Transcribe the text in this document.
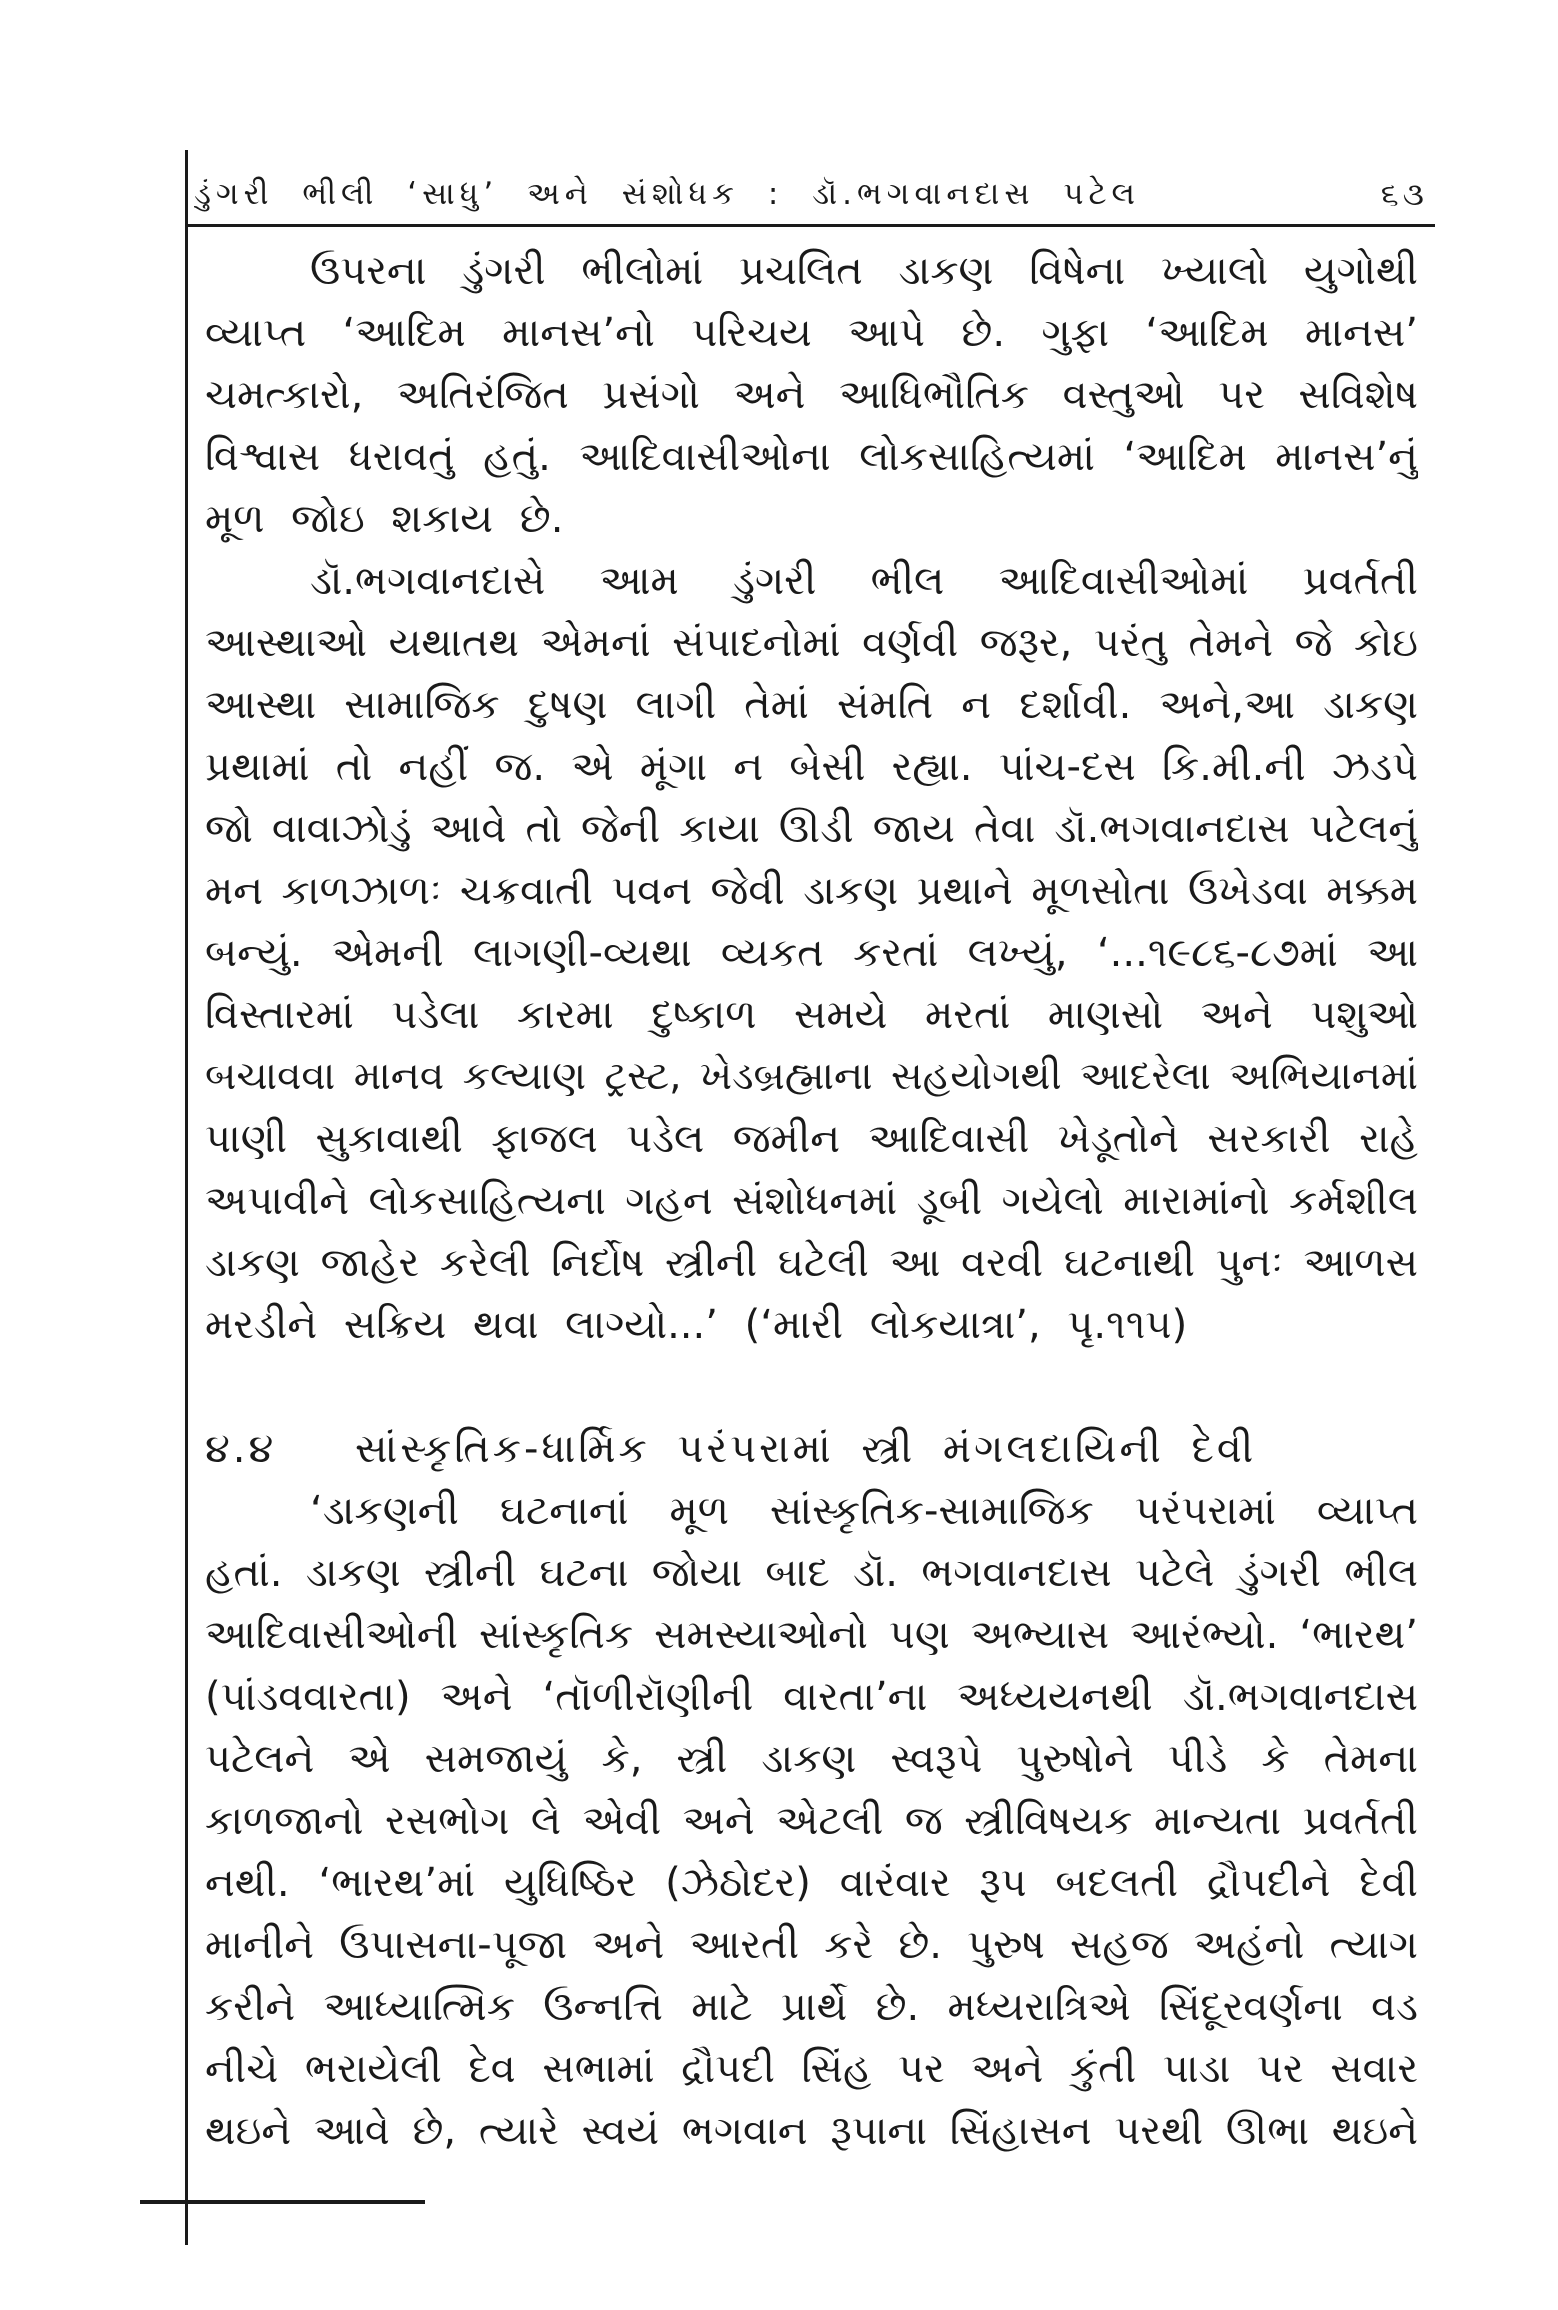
ડુંગરી ભીલી ‘સાધુ’ અને સંશોધક : ડૉ.ભગવાનદાસ પટેલ	૬૩
ઉપરના ડુંગરી ભીલોમાં પ્રચલિત ડાકણ વિષેના ખ્યાલો યુગોથી
વ્યાપ્ત ‘આદિમ માનસ’નો પરિચય આપે છે. ગુફા ‘આદિમ માનસ’
ચમત્કારો, અતિરંજિત પ્રસંગો અને આધિભૌતિક વસ્તુઓ પર સવિશેષ
વિશ્વાસ ધરાવતું હતું. આદિવાસીઓના લોકસાહિત્યમાં ‘આદિમ માનસ’નું
મૂળ જોઇ શકાય છે.
ડૉ.ભગવાનદાસે આમ ડુંગરી ભીલ આદિવાસીઓમાં પ્રવર્તતી
આસ્થાઓ યથાતથ એમનાં સંપાદનોમાં વર્ણવી જરૂર, પરંતુ તેમને જે કોઇ
આસ્થા સામાજિક દુષણ લાગી તેમાં સંમતિ ન દર્શાવી. અને,આ ડાકણ
પ્રથામાં તો નહીં જ. એ મૂંગા ન બેસી રહ્યા. પાંચ-દસ કિ.મી.ની ઝડપે
જો વાવાઝોડું આવે તો જેની કાયા ઊડી જાય તેવા ડૉ.ભગવાનદાસ પટેલનું
મન કાળઝાળઃ ચક્રવાતી પવન જેવી ડાકણ પ્રથાને મૂળસોતા ઉખેડવા મક્કમ
બન્યું. એમની લાગણી-વ્યથા વ્યકત કરતાં લખ્યું, ‘...૧૯૮૬-૮૭માં આ
વિસ્તારમાં પડેલા કારમા દુષ્કાળ સમયે મરતાં માણસો અને પશુઓ
બચાવવા માનવ કલ્યાણ ટ્રસ્ટ, ખેડબ્રહ્માના સહયોગથી આદરેલા અભિયાનમાં
પાણી સુકાવાથી ફાજલ પડેલ જમીન આદિવાસી ખેડૂતોને સરકારી રાહે
અપાવીને લોકસાહિત્યના ગહન સંશોધનમાં ડૂબી ગયેલો મારામાંનો કર્મશીલ
ડાકણ જાહેર કરેલી નિર્દોષ સ્ત્રીની ઘટેલી આ વરવી ઘટનાથી પુનઃ આળસ
મરડીને સક્રિય થવા લાગ્યો...’ (‘મારી લોકયાત્રા’, પૃ.૧૧૫)
૪.૪ સાંસ્કૃતિક-ધાર્મિક પરંપરામાં સ્ત્રી મંગલદાયિની દેવી
‘ડાકણની ઘટનાનાં મૂળ સાંસ્કૃતિક-સામાજિક પરંપરામાં વ્યાપ્ત
હતાં. ડાકણ સ્ત્રીની ઘટના જોયા બાદ ડૉ. ભગવાનદાસ પટેલે ડુંગરી ભીલ
આદિવાસીઓની સાંસ્કૃતિક સમસ્યાઓનો પણ અભ્યાસ આરંભ્યો. ‘ભારથ’
(પાંડવવારતા) અને ‘તૉળીરૉણીની વારતા’ના અધ્યયનથી ડૉ.ભગવાનદાસ
પટેલને એ સમજાયું કે, સ્ત્રી ડાકણ સ્વરૂપે પુરુષોને પીડે કે તેમના
કાળજાનો રસભોગ લે એવી અને એટલી જ સ્ત્રીવિષયક માન્યતા પ્રવર્તતી
નથી. ‘ભારથ’માં યુધિષ્ઠિર (ઝેઠોદર) વારંવાર રૂપ બદલતી દ્રૌપદીને દેવી
માનીને ઉપાસના-પૂજા અને આરતી કરે છે. પુરુષ સહજ અહંનો ત્યાગ
કરીને આધ્યાત્મિક ઉન્નત્તિ માટે પ્રાર્થે છે. મધ્યરાત્રિએ સિંદૂરવર્ણના વડ
નીચે ભરાયેલી દેવ સભામાં દ્રૌપદી સિંહ પર અને કુંતી પાડા પર સવાર
થઇને આવે છે, ત્યારે સ્વયં ભગવાન રૂપાના સિંહાસન પરથી ઊભા થઇને
